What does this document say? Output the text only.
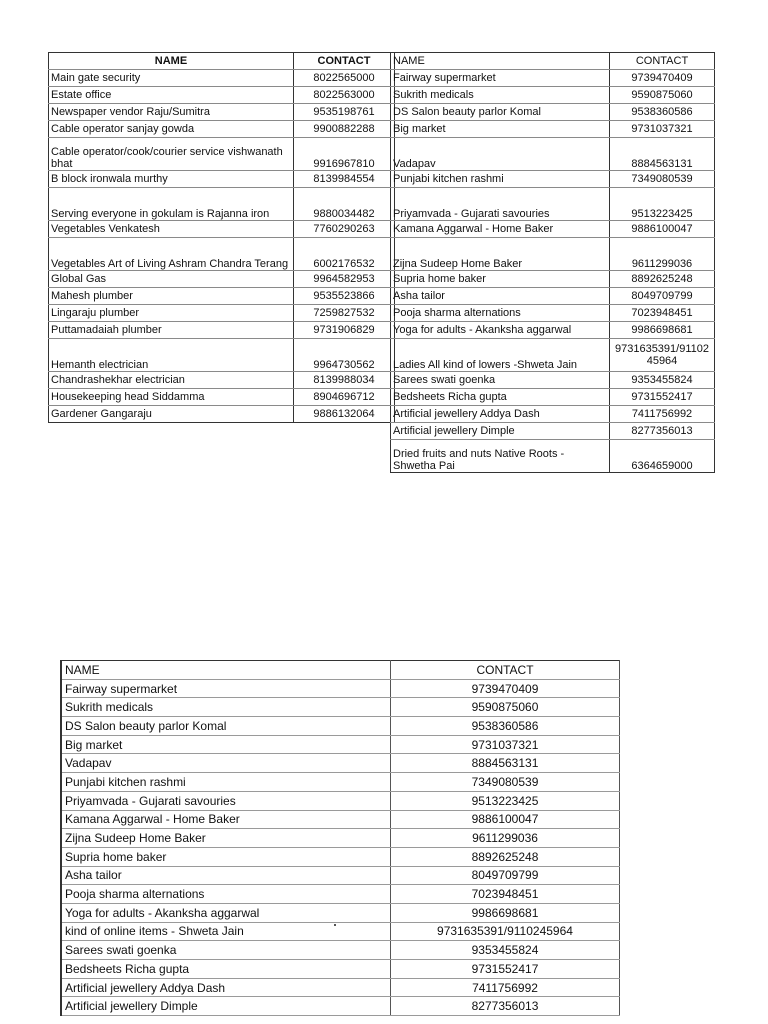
NAME	CONTACT
Main gate security	8022565000
Estate office	8022563000
Newspaper vendor Raju/Sumitra	9535198761
Cable operator sanjay gowda	9900882288
Cable operator/cook/courier service vishwanath bhat	9916967810
B block ironwala murthy	8139984554
Serving everyone in gokulam is Rajanna iron	9880034482
Vegetables Venkatesh	7760290263
Vegetables Art of Living Ashram Chandra Terang	6002176532
Global Gas	9964582953
Mahesh plumber	9535523866
Lingaraju plumber	7259827532
Puttamadaiah plumber	9731906829
Hemanth electrician	9964730562
Chandrashekhar electrician	8139988034
Housekeeping head Siddamma	8904696712
Gardener Gangaraju	9886132064
NAME	CONTACT
Fairway supermarket	9739470409
Sukrith medicals	9590875060
DS Salon beauty parlor Komal	9538360586
Big market	9731037321
Vadapav	8884563131
Punjabi kitchen rashmi	7349080539
Priyamvada - Gujarati savouries	9513223425
Kamana Aggarwal - Home Baker	9886100047
Zijna Sudeep Home Baker	9611299036
Supria home baker	8892625248
Asha tailor	8049709799
Pooja sharma alternations	7023948451
Yoga for adults - Akanksha aggarwal	9986698681
Ladies All kind of lowers -Shweta Jain	9731635391/91102 45964
Sarees swati goenka	9353455824
Bedsheets Richa gupta	9731552417
Artificial jewellery Addya Dash	7411756992
Artificial jewellery Dimple	8277356013
Dried fruits and nuts Native Roots - Shwetha Pai	6364659000
NAME	CONTACT
Fairway supermarket	9739470409
Sukrith medicals	9590875060
DS Salon beauty parlor Komal	9538360586
Big market	9731037321
Vadapav	8884563131
Punjabi kitchen rashmi	7349080539
Priyamvada - Gujarati savouries	9513223425
Kamana Aggarwal - Home Baker	9886100047
Zijna Sudeep Home Baker	9611299036
Supria home baker	8892625248
Asha tailor	8049709799
Pooja sharma alternations	7023948451
Yoga for adults - Akanksha aggarwal	9986698681
kind of online items - Shweta Jain	9731635391/9110245964
Sarees swati goenka	9353455824
Bedsheets Richa gupta	9731552417
Artificial jewellery Addya Dash	7411756992
Artificial jewellery Dimple	8277356013
